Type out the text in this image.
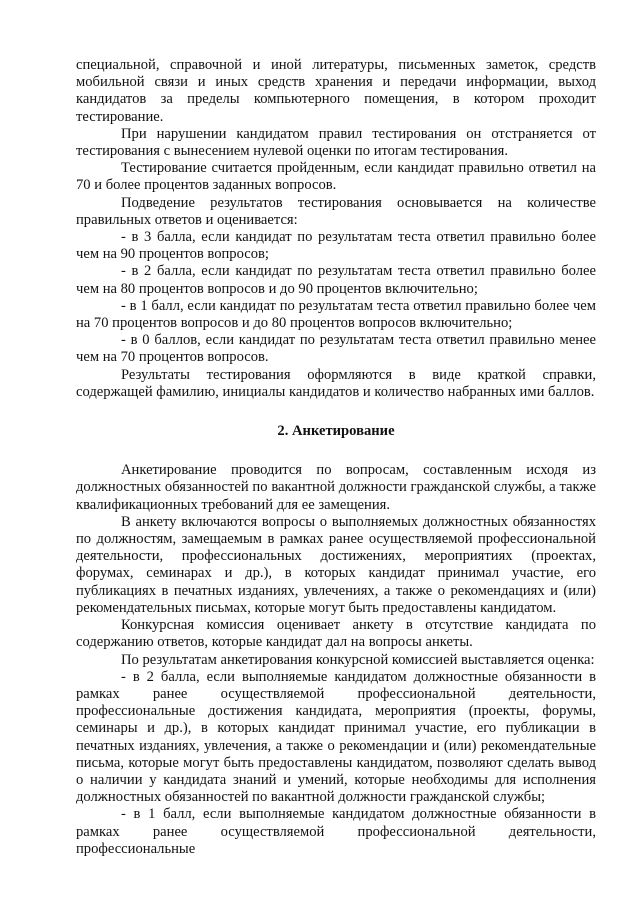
специальной, справочной и иной литературы, письменных заметок, средств мобильной связи и иных средств хранения и передачи информации, выход кандидатов за пределы компьютерного помещения, в котором проходит тестирование.

При нарушении кандидатом правил тестирования он отстраняется от тестирования с вынесением нулевой оценки по итогам тестирования.

Тестирование считается пройденным, если кандидат правильно ответил на 70 и более процентов заданных вопросов.

Подведение результатов тестирования основывается на количестве правильных ответов и оценивается:

- в 3 балла, если кандидат по результатам теста ответил правильно более чем на 90 процентов вопросов;

- в 2 балла, если кандидат по результатам теста ответил правильно более чем на 80 процентов вопросов и до 90 процентов включительно;

- в 1 балл, если кандидат по результатам теста ответил правильно более чем на 70 процентов вопросов и до 80 процентов вопросов включительно;

- в 0 баллов, если кандидат по результатам теста ответил правильно менее чем на 70 процентов вопросов.

Результаты тестирования оформляются в виде краткой справки, содержащей фамилию, инициалы кандидатов и количество набранных ими баллов.

2. Анкетирование

Анкетирование проводится по вопросам, составленным исходя из должностных обязанностей по вакантной должности гражданской службы, а также квалификационных требований для ее замещения.

В анкету включаются вопросы о выполняемых должностных обязанностях по должностям, замещаемым в рамках ранее осуществляемой профессиональной деятельности, профессиональных достижениях, мероприятиях (проектах, форумах, семинарах и др.), в которых кандидат принимал участие, его публикациях в печатных изданиях, увлечениях, а также о рекомендациях и (или) рекомендательных письмах, которые могут быть предоставлены кандидатом.

Конкурсная комиссия оценивает анкету в отсутствие кандидата по содержанию ответов, которые кандидат дал на вопросы анкеты.

По результатам анкетирования конкурсной комиссией выставляется оценка:

- в 2 балла, если выполняемые кандидатом должностные обязанности в рамках ранее осуществляемой профессиональной деятельности, профессиональные достижения кандидата, мероприятия (проекты, форумы, семинары и др.), в которых кандидат принимал участие, его публикации в печатных изданиях, увлечения, а также о рекомендации и (или) рекомендательные письма, которые могут быть предоставлены кандидатом, позволяют сделать вывод о наличии у кандидата знаний и умений, которые необходимы для исполнения должностных обязанностей по вакантной должности гражданской службы;

- в 1 балл, если выполняемые кандидатом должностные обязанности в рамках ранее осуществляемой профессиональной деятельности, профессиональные
